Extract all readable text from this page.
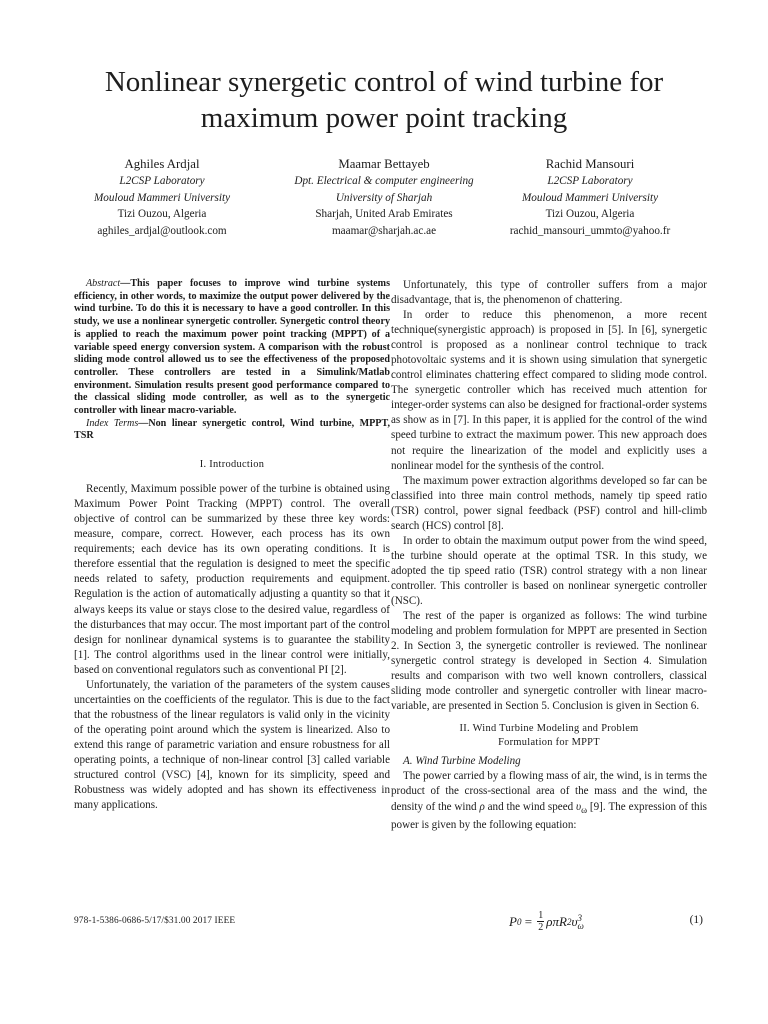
Nonlinear synergetic control of wind turbine for
maximum power point tracking
Aghiles Ardjal
L2CSP Laboratory
Mouloud Mammeri University
Tizi Ouzou, Algeria
aghiles_ardjal@outlook.com
Maamar Bettayeb
Dpt. Electrical & computer engineering
University of Sharjah
Sharjah, United Arab Emirates
maamar@sharjah.ac.ae
Rachid Mansouri
L2CSP Laboratory
Mouloud Mammeri University
Tizi Ouzou, Algeria
rachid_mansouri_ummto@yahoo.fr

Abstract—This paper focuses to improve wind turbine systems efficiency, in other words, to maximize the output power delivered by the wind turbine. To do this it is necessary to have a good controller. In this study, we use a nonlinear synergetic controller. Synergetic control theory is applied to reach the maximum power point tracking (MPPT) of a variable speed energy conversion system. A comparison with the robust sliding mode control allowed us to see the effectiveness of the proposed controller. These controllers are tested in a Simulink/Matlab environment. Simulation results present good performance compared to the classical sliding mode controller, as well as to the synergetic controller with linear macro-variable.

Index Terms—Non linear synergetic control, Wind turbine, MPPT, TSR

I. Introduction

Recently, Maximum possible power of the turbine is obtained using Maximum Power Point Tracking (MPPT) control. The overall objective of control can be summarized by these three key words: measure, compare, correct. However, each process has its own requirements; each device has its own operating conditions. It is therefore essential that the regulation is designed to meet the specific needs related to safety, production requirements and equipment. Regulation is the action of automatically adjusting a quantity so that it always keeps its value or stays close to the desired value, regardless of the disturbances that may occur. The most important part of the control design for nonlinear dynamical systems is to guarantee the stability [1]. The control algorithms used in the linear control were initially, based on conventional regulators such as conventional PI [2].

Unfortunately, the variation of the parameters of the system causes uncertainties on the coefficients of the regulator. This is due to the fact that the robustness of the linear regulators is valid only in the vicinity of the operating point around which the system is linearized. Also to extend this range of parametric variation and ensure robustness for all operating points, a technique of non-linear control [3] called variable structured control (VSC) [4], known for its simplicity, speed and Robustness was widely adopted and has shown its effectiveness in many applications.

Unfortunately, this type of controller suffers from a major disadvantage, that is, the phenomenon of chattering.

In order to reduce this phenomenon, a more recent technique(synergistic approach) is proposed in [5]. In [6], synergetic control is proposed as a nonlinear control technique to track photovoltaic systems and it is shown using simulation that synergetic control eliminates chattering effect compared to sliding mode control. The synergetic controller which has received much attention for integer-order systems can also be designed for fractional-order systems as show as in [7]. In this paper, it is applied for the control of the wind speed turbine to extract the maximum power. This new approach does not require the linearization of the model and explicitly uses a nonlinear model for the synthesis of the control.

The maximum power extraction algorithms developed so far can be classified into three main control methods, namely tip speed ratio (TSR) control, power signal feedback (PSF) control and hill-climb search (HCS) control [8].

In order to obtain the maximum output power from the wind speed, the turbine should operate at the optimal TSR. In this study, we adopted the tip speed ratio (TSR) control strategy with a non linear controller. This controller is based on nonlinear synergetic controller (NSC).

The rest of the paper is organized as follows: The wind turbine modeling and problem formulation for MPPT are presented in Section 2. In Section 3, the synergetic controller is reviewed. The nonlinear synergetic control strategy is developed in Section 4. Simulation results and comparison with two well known controllers, classical sliding mode controller and synergetic controller with linear macro-variable, are presented in Section 5. Conclusion is given in Section 6.

II. Wind Turbine Modeling and Problem
Formulation for MPPT

A. Wind Turbine Modeling

The power carried by a flowing mass of air, the wind, is in terms the product of the cross-sectional area of the mass and the wind, the density of the wind ρ and the wind speed $\upsilon_\omega$ [9]. The expression of this power is given by the following equation:

P $0 = \frac{1}{2}$ ρπR 2 υ 3
ω	(1)
978-1-5386-0686-5/17/$31.00 2017 IEEE
